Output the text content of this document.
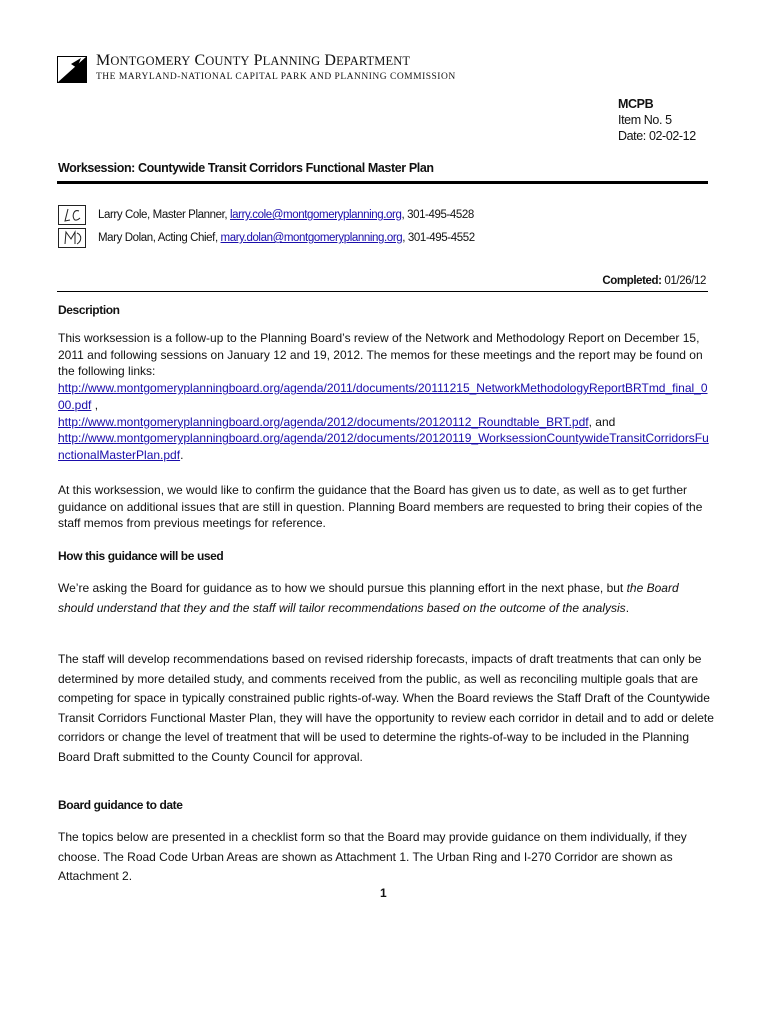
MONTGOMERY COUNTY PLANNING DEPARTMENT
THE MARYLAND-NATIONAL CAPITAL PARK AND PLANNING COMMISSION
MCPB
Item No. 5
Date: 02-02-12
Worksession: Countywide Transit Corridors Functional Master Plan
Larry Cole, Master Planner, larry.cole@montgomeryplanning.org, 301-495-4528
Mary Dolan, Acting Chief, mary.dolan@montgomeryplanning.org, 301-495-4552
Completed: 01/26/12
Description
This worksession is a follow-up to the Planning Board’s review of the Network and Methodology Report on December 15, 2011 and following sessions on January 12 and 19, 2012. The memos for these meetings and the report may be found on the following links:
http://www.montgomeryplanningboard.org/agenda/2011/documents/20111215_NetworkMethodologyReportBRTmd_final_000.pdf ,
http://www.montgomeryplanningboard.org/agenda/2012/documents/20120112_Roundtable_BRT.pdf, and
http://www.montgomeryplanningboard.org/agenda/2012/documents/20120119_WorksessionCountywideTransitCorridorsFunctionalMasterPlan.pdf.
At this worksession, we would like to confirm the guidance that the Board has given us to date, as well as to get further guidance on additional issues that are still in question. Planning Board members are requested to bring their copies of the staff memos from previous meetings for reference.
How this guidance will be used
We’re asking the Board for guidance as to how we should pursue this planning effort in the next phase, but the Board should understand that they and the staff will tailor recommendations based on the outcome of the analysis.
The staff will develop recommendations based on revised ridership forecasts, impacts of draft treatments that can only be determined by more detailed study, and comments received from the public, as well as reconciling multiple goals that are competing for space in typically constrained public rights-of-way. When the Board reviews the Staff Draft of the Countywide Transit Corridors Functional Master Plan, they will have the opportunity to review each corridor in detail and to add or delete corridors or change the level of treatment that will be used to determine the rights-of-way to be included in the Planning Board Draft submitted to the County Council for approval.
Board guidance to date
The topics below are presented in a checklist form so that the Board may provide guidance on them individually, if they choose. The Road Code Urban Areas are shown as Attachment 1. The Urban Ring and I-270 Corridor are shown as Attachment 2.
1
